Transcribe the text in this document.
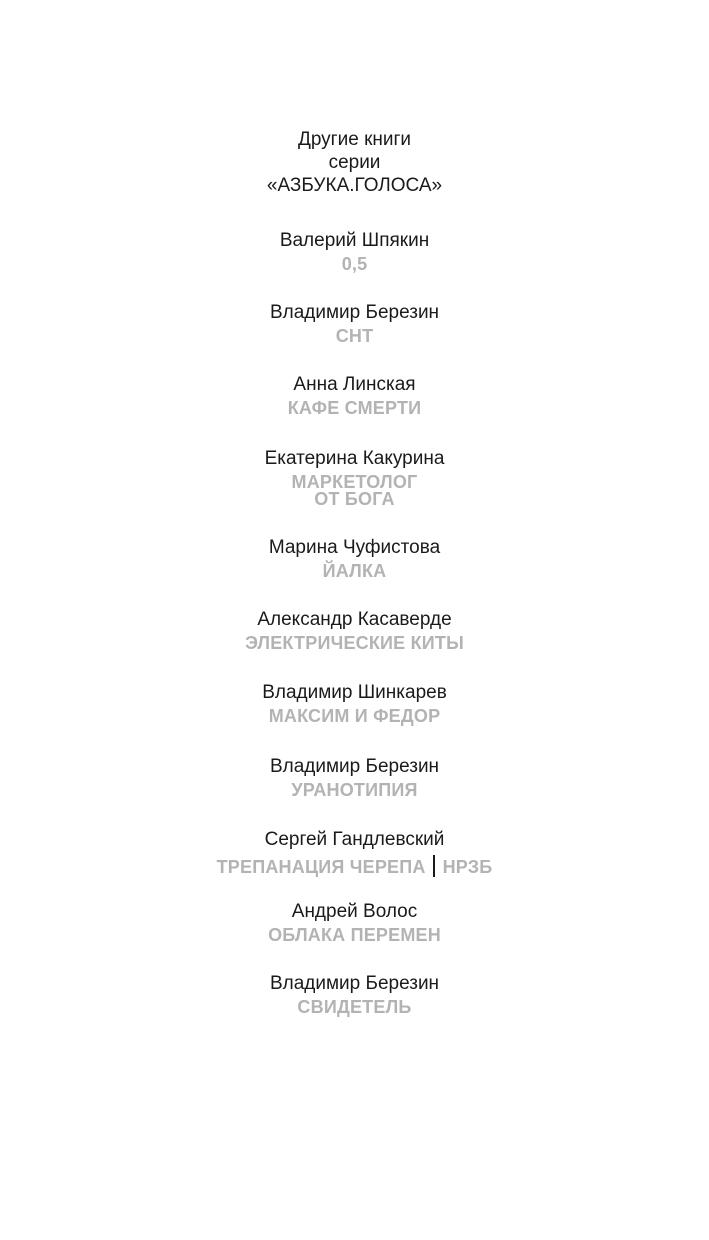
Другие книги
серии
«АЗБУКА.ГОЛОСА»
Валерий Шпякин
0,5
Владимир Березин
СНТ
Анна Линская
КАФЕ СМЕРТИ
Екатерина Какурина
МАРКЕТОЛОГ
ОТ БОГА
Марина Чуфистова
ЙАЛКА
Александр Касаверде
ЭЛЕКТРИЧЕСКИЕ КИТЫ
Владимир Шинкарев
МАКСИМ И ФЕДОР
Владимир Березин
УРАНОТИПИЯ
Сергей Гандлевский
ТРЕПАНАЦИЯ ЧЕРЕПА НРЗБ
Андрей Волос
ОБЛАКА ПЕРЕМЕН
Владимир Березин
СВИДЕТЕЛЬ
